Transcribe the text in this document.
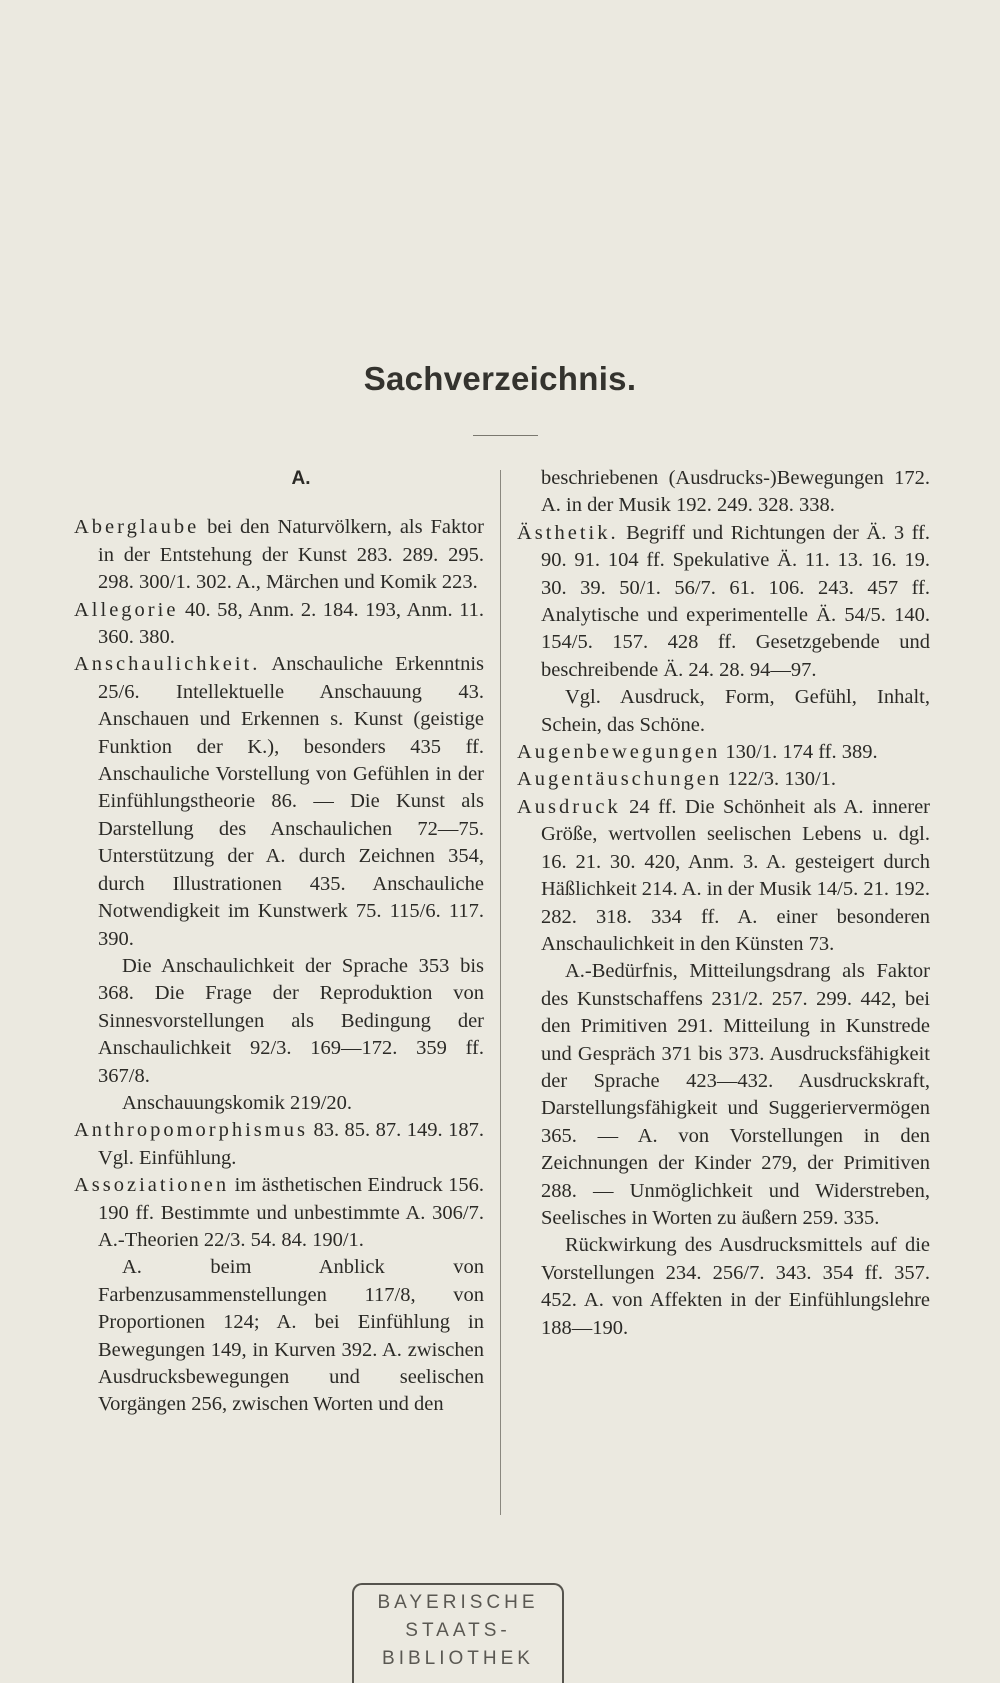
Sachverzeichnis.
A.

Aberglaube bei den Naturvölkern, als Faktor in der Entstehung der Kunst 283. 289. 295. 298. 300/1. 302. A., Märchen und Komik 223.

Allegorie 40. 58, Anm. 2. 184. 193, Anm. 11. 360. 380.

Anschaulichkeit. Anschauliche Erkenntnis 25/6. Intellektuelle Anschauung 43. Anschauen und Erkennen s. Kunst (geistige Funktion der K.), besonders 435 ff. Anschauliche Vorstellung von Gefühlen in der Einfühlungstheorie 86. — Die Kunst als Darstellung des Anschaulichen 72—75. Unterstützung der A. durch Zeichnen 354, durch Illustrationen 435. Anschauliche Notwendigkeit im Kunstwerk 75. 115/6. 117. 390.

Die Anschaulichkeit der Sprache 353 bis 368. Die Frage der Reproduktion von Sinnesvorstellungen als Bedingung der Anschaulichkeit 92/3. 169—172. 359 ff. 367/8.

Anschauungskomik 219/20.

Anthropomorphismus 83. 85. 87. 149. 187. Vgl. Einfühlung.

Assoziationen im ästhetischen Eindruck 156. 190 ff. Bestimmte und unbestimmte A. 306/7. A.-Theorien 22/3. 54. 84. 190/1.

A. beim Anblick von Farbenzusammenstellungen 117/8, von Proportionen 124; A. bei Einfühlung in Bewegungen 149, in Kurven 392. A. zwischen Ausdrucksbewegungen und seelischen Vorgängen 256, zwischen Worten und den

beschriebenen (Ausdrucks-)Bewegungen 172. A. in der Musik 192. 249. 328. 338.

Ästhetik. Begriff und Richtungen der Ä. 3 ff. 90. 91. 104 ff. Spekulative Ä. 11. 13. 16. 19. 30. 39. 50/1. 56/7. 61. 106. 243. 457 ff. Analytische und experimentelle Ä. 54/5. 140. 154/5. 157. 428 ff. Gesetzgebende und beschreibende Ä. 24. 28. 94—97.

Vgl. Ausdruck, Form, Gefühl, Inhalt, Schein, das Schöne.

Augenbewegungen 130/1. 174 ff. 389.

Augentäuschungen 122/3. 130/1.

Ausdruck 24 ff. Die Schönheit als A. innerer Größe, wertvollen seelischen Lebens u. dgl. 16. 21. 30. 420, Anm. 3. A. gesteigert durch Häßlichkeit 214. A. in der Musik 14/5. 21. 192. 282. 318. 334 ff. A. einer besonderen Anschaulichkeit in den Künsten 73.

A.-Bedürfnis, Mitteilungsdrang als Faktor des Kunstschaffens 231/2. 257. 299. 442, bei den Primitiven 291. Mitteilung in Kunstrede und Gespräch 371 bis 373. Ausdrucksfähigkeit der Sprache 423—432. Ausdruckskraft, Darstellungsfähigkeit und Suggeriervermögen 365. — A. von Vorstellungen in den Zeichnungen der Kinder 279, der Primitiven 288. — Unmöglichkeit und Widerstreben, Seelisches in Worten zu äußern 259. 335.

Rückwirkung des Ausdrucksmittels auf die Vorstellungen 234. 256/7. 343. 354 ff. 357. 452. A. von Affekten in der Einfühlungslehre 188—190.

BAYERISCHE
STAATS-
BIBLIOTHEK
